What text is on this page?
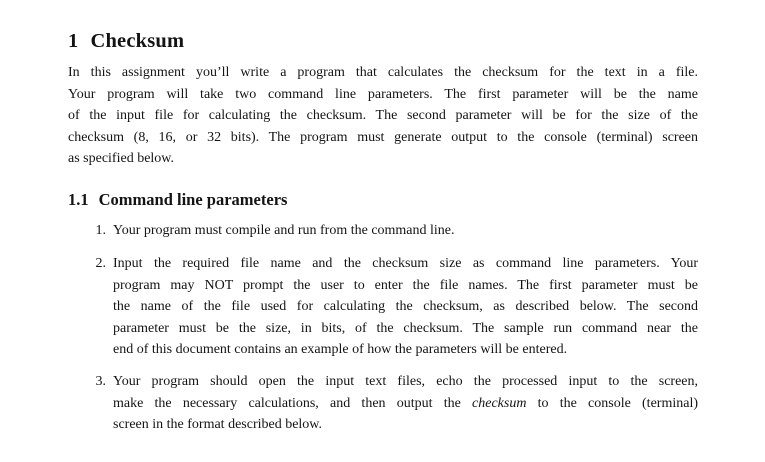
1 Checksum
In this assignment you’ll write a program that calculates the checksum for the text in a file.
Your program will take two command line parameters. The first parameter will be the name
of the input file for calculating the checksum. The second parameter will be for the size of the
checksum (8, 16, or 32 bits). The program must generate output to the console (terminal) screen
as specified below.
1.1 Command line parameters
1. Your program must compile and run from the command line.
2. Input the required file name and the checksum size as command line parameters. Your
program may NOT prompt the user to enter the file names. The first parameter must be
the name of the file used for calculating the checksum, as described below. The second
parameter must be the size, in bits, of the checksum. The sample run command near the
end of this document contains an example of how the parameters will be entered.
3. Your program should open the input text files, echo the processed input to the screen,
make the necessary calculations, and then output the checksum to the console (terminal)
screen in the format described below.
